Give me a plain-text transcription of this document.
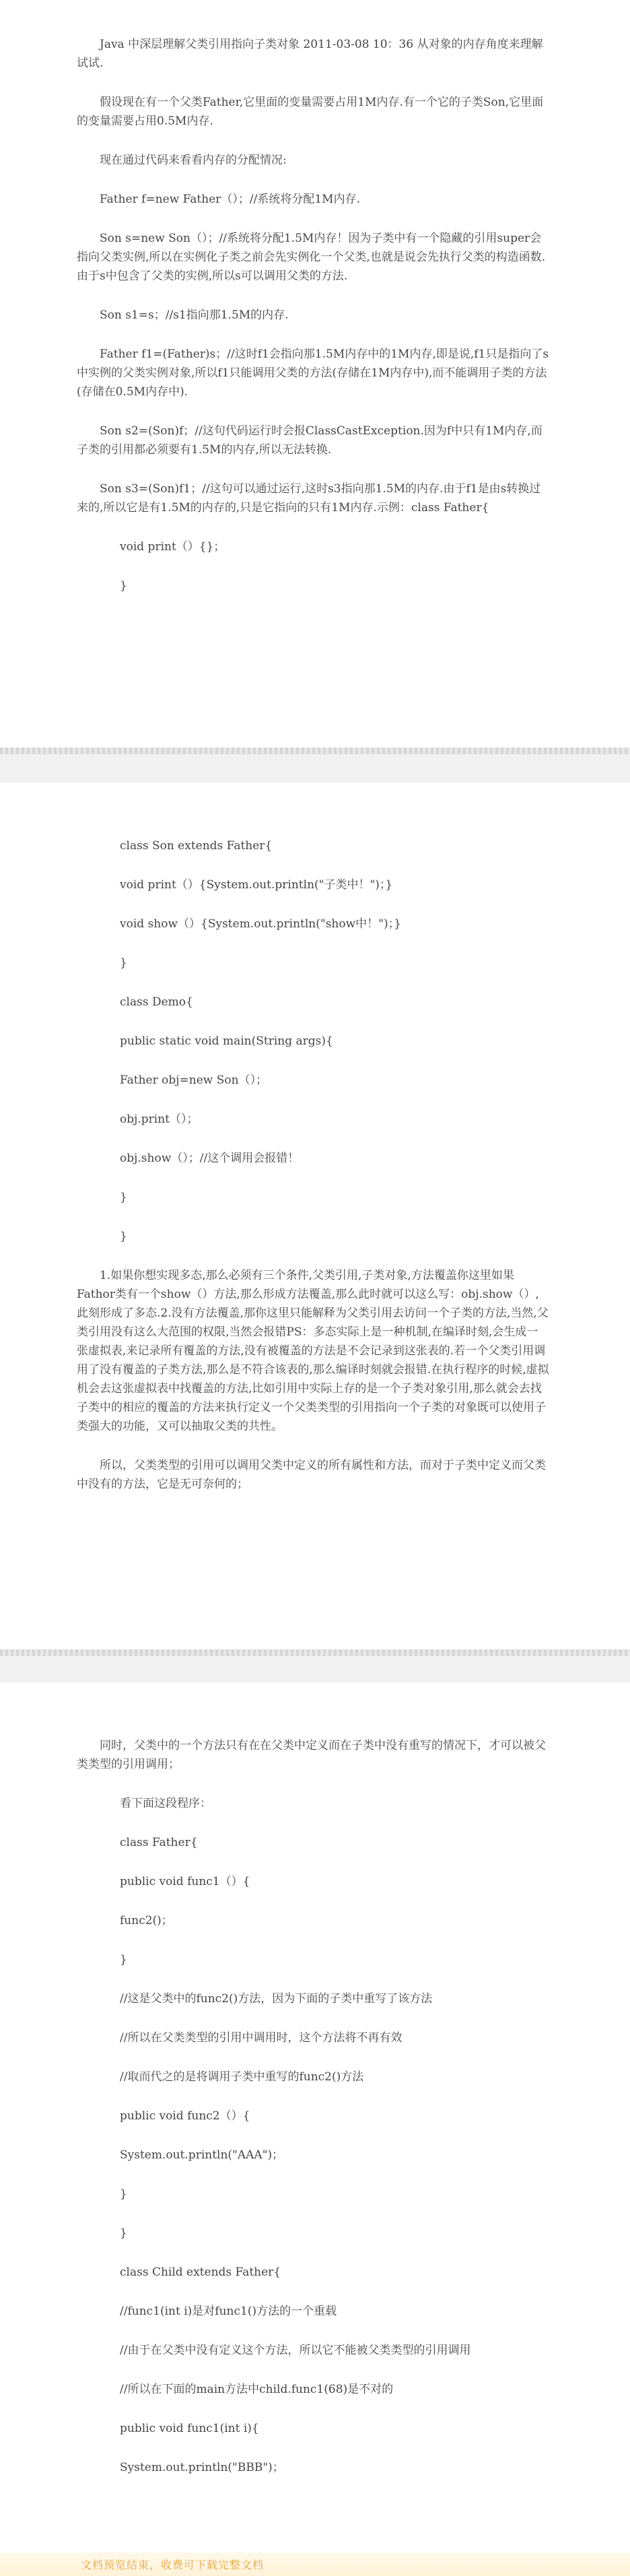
Java 中深层理解父类引用指向子类对象 2011-03-08 10：36 从对象的内存角度来理解试试.

假设现在有一个父类Father,它里面的变量需要占用1M内存.有一个它的子类Son,它里面的变量需要占用0.5M内存.

现在通过代码来看看内存的分配情况:

Father f=new Father（）；//系统将分配1M内存.

Son s=new Son（）；//系统将分配1.5M内存！因为子类中有一个隐藏的引用super会指向父类实例,所以在实例化子类之前会先实例化一个父类,也就是说会先执行父类的构造函数.由于s中包含了父类的实例,所以s可以调用父类的方法.

Son s1=s；//s1指向那1.5M的内存.

Father f1=(Father)s；//这时f1会指向那1.5M内存中的1M内存,即是说,f1只是指向了s中实例的父类实例对象,所以f1只能调用父类的方法(存储在1M内存中),而不能调用子类的方法(存储在0.5M内存中).

Son s2=(Son)f；//这句代码运行时会报ClassCastException.因为f中只有1M内存,而子类的引用都必须要有1.5M的内存,所以无法转换.

Son s3=(Son)f1；//这句可以通过运行,这时s3指向那1.5M的内存.由于f1是由s转换过来的,所以它是有1.5M的内存的,只是它指向的只有1M内存.示例：class Father{

void print（）{}；

}

class Son extends Father{

void print（）{System.out.println("子类中！")；}

void show（）{System.out.println("show中！")；}

}

class Demo{

public static void main(String args){

Father obj=new Son（）；

obj.print（）；

obj.show（）；//这个调用会报错！

}

}

1.如果你想实现多态,那么必须有三个条件,父类引用,子类对象,方法覆盖你这里如果Fathor类有一个show（）方法,那么形成方法覆盖,那么此时就可以这么写：obj.show（）,此刻形成了多态.2.没有方法覆盖,那你这里只能解释为父类引用去访问一个子类的方法,当然,父类引用没有这么大范围的权限,当然会报错PS：多态实际上是一种机制,在编译时刻,会生成一张虚拟表,来记录所有覆盖的方法,没有被覆盖的方法是不会记录到这张表的.若一个父类引用调用了没有覆盖的子类方法,那么是不符合该表的,那么编译时刻就会报错.在执行程序的时候,虚拟机会去这张虚拟表中找覆盖的方法,比如引用中实际上存的是一个子类对象引用,那么就会去找子类中的相应的覆盖的方法来执行定义一个父类类型的引用指向一个子类的对象既可以使用子类强大的功能，又可以抽取父类的共性。

所以，父类类型的引用可以调用父类中定义的所有属性和方法，而对于子类中定义而父类中没有的方法，它是无可奈何的；

同时，父类中的一个方法只有在在父类中定义而在子类中没有重写的情况下，才可以被父类类型的引用调用；

看下面这段程序：

class Father{

public void func1（）{

func2()；

}

//这是父类中的func2()方法，因为下面的子类中重写了该方法

//所以在父类类型的引用中调用时，这个方法将不再有效

//取而代之的是将调用子类中重写的func2()方法

public void func2（）{

System.out.println("AAA")；

}

}

class Child extends Father{

//func1(int i)是对func1()方法的一个重载

//由于在父类中没有定义这个方法，所以它不能被父类类型的引用调用

//所以在下面的main方法中child.func1(68)是不对的

public void func1(int i){

System.out.println("BBB")；

文档预览结束，收费可下载完整文档
